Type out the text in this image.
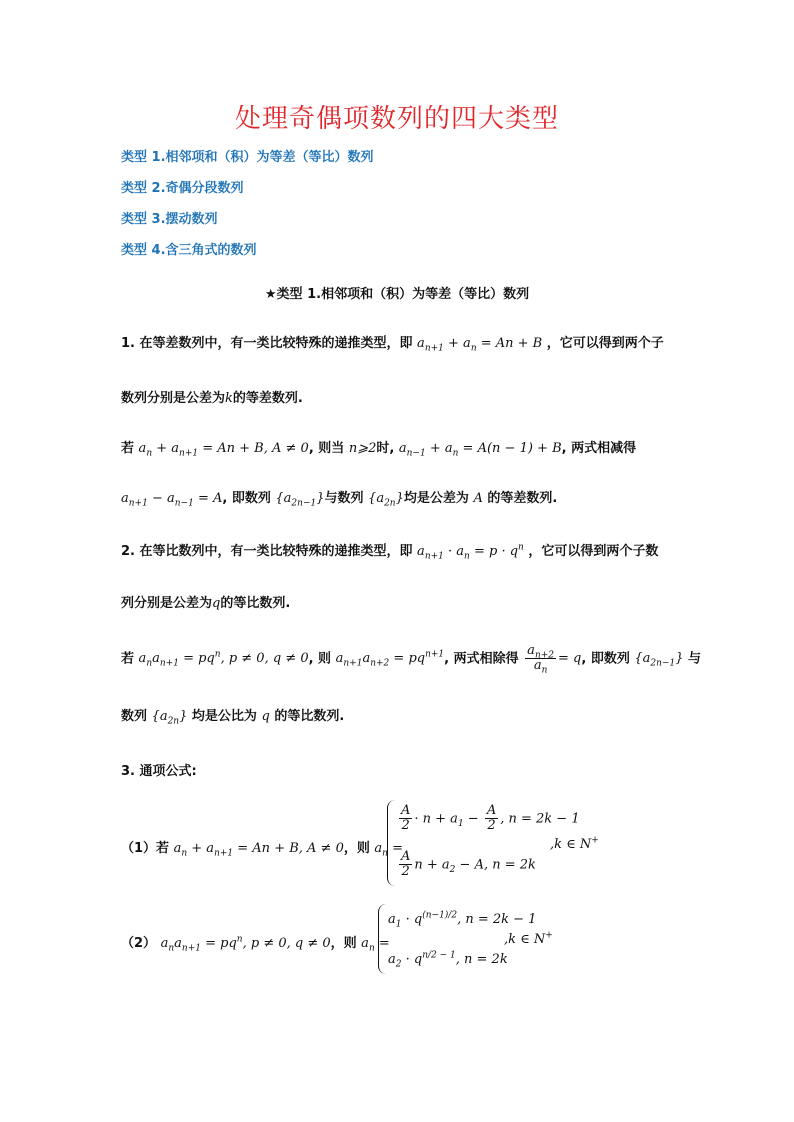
处理奇偶项数列的四大类型
类型 1.相邻项和（积）为等差（等比）数列
类型 2.奇偶分段数列
类型 3.摆动数列
类型 4.含三角式的数列
★类型 1.相邻项和（积）为等差（等比）数列
1. 在等差数列中，有一类比较特殊的递推类型，即 $a_{n+1} + a_n = An + B$ ，它可以得到两个子
数列分别是公差为k的等差数列.
若 $a_n + a_{n+1} = An + B$, A ≠ 0, 则当 n⩾2时, $a_{n-1} + a_n = A(n - 1) + B$, 两式相减得
$a_{n+1} - a_{n-1} = A$, 即数列 $\{a_{2n-1}\}$与数列 $\{a_{2n}\}$均是公差为 A 的等差数列.
2. 在等比数列中，有一类比较特殊的递推类型，即 $a_{n+1} \cdot a_n = p \cdot q^n$ ，它可以得到两个子数
列分别是公差为q的等比数列.
若 $a_na_{n+1} = pq^n$, p ≠ 0, q ≠ 0, 则 $a_{n+1}a_{n+2} = pq^{n+1}$, 两式相除得 $\frac{a_{n+2}}{a_n} = q$, 即数列 $\{a_{2n-1}\}$ 与
数列 $\{a_{2n}\}$ 均是公比为 q 的等比数列.
3. 通项公式:
（1）若 $a_n + a_{n+1} = An + B$, A ≠ 0，则 $a_n$ =
$\frac{A}{2} \cdot n + a_1 - \frac{A}{2}$ , n = 2k − 1
$\frac{A}{2}$ $n + a_2 - A$, n = 2k
,k ∈ N+
（2） $a_na_{n+1} = pq^n$, p ≠ 0, q ≠ 0，则 $a_n$ =
$a_1 \cdot q^{(n-1)/2}$, n = 2k − 1
$a_2 \cdot q^{n/2 - 1}$, n = 2k
,k ∈ N+
